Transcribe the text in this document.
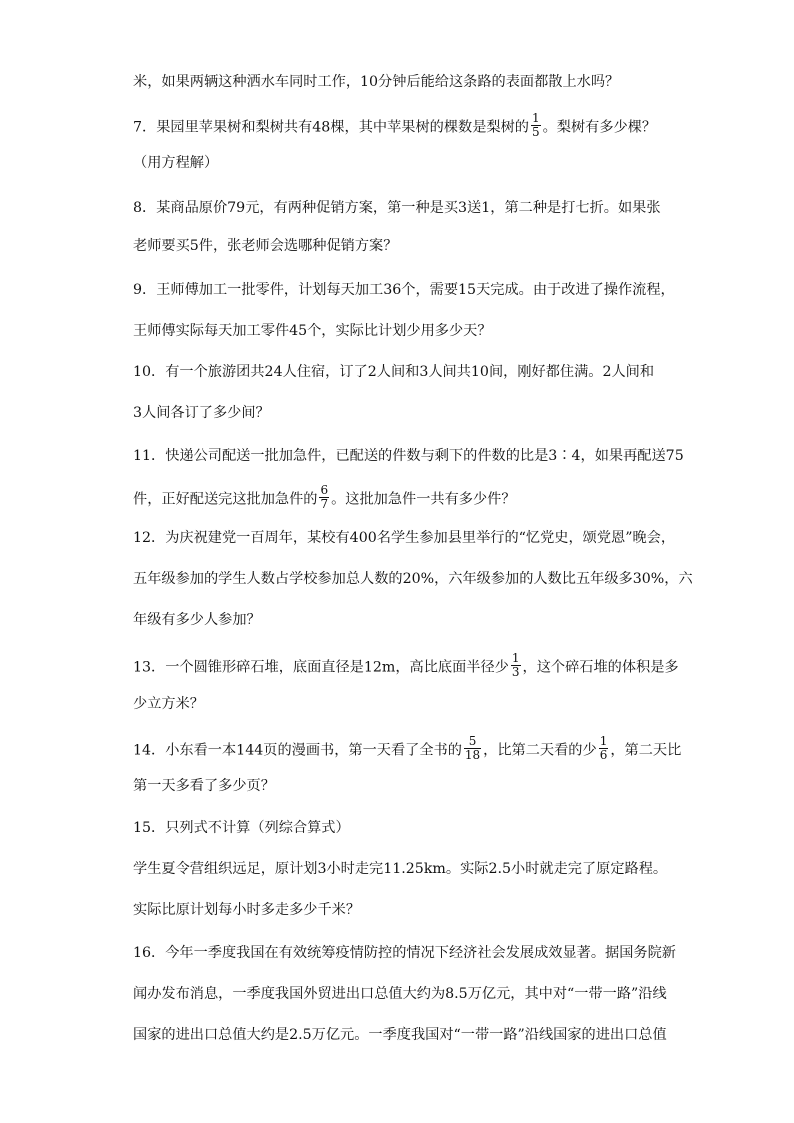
米，如果两辆这种洒水车同时工作，10分钟后能给这条路的表面都散上水吗？
7．果园里苹果树和梨树共有48棵，其中苹果树的棵数是梨树的 $\frac{1}{5}$ 。梨树有多少棵？
（用方程解）
8．某商品原价79元，有两种促销方案，第一种是买3送1，第二种是打七折。如果张
老师要买5件，张老师会选哪种促销方案？
9．王师傅加工一批零件，计划每天加工36个，需要15天完成。由于改进了操作流程，
王师傅实际每天加工零件45个，实际比计划少用多少天？
10．有一个旅游团共24人住宿，订了2人间和3人间共10间，刚好都住满。2人间和
3人间各订了多少间？
11．快递公司配送一批加急件，已配送的件数与剩下的件数的比是3∶4，如果再配送75
件，正好配送完这批加急件的 $\frac{6}{7}$ 。这批加急件一共有多少件？
12．为庆祝建党一百周年，某校有400名学生参加县里举行的“忆党史，颂党恩”晚会，
五年级参加的学生人数占学校参加总人数的20%，六年级参加的人数比五年级多30%，六
年级有多少人参加？
13．一个圆锥形碎石堆，底面直径是12m，高比底面半径少 $\frac{1}{3}$ ，这个碎石堆的体积是多
少立方米？
14．小东看一本144页的漫画书，第一天看了全书的 $\frac{5}{18}$ ，比第二天看的少 $\frac{1}{6}$ ，第二天比
第一天多看了多少页？
15．只列式不计算（列综合算式）
学生夏令营组织远足，原计划3小时走完11.25km。实际2.5小时就走完了原定路程。
实际比原计划每小时多走多少千米？
16．今年一季度我国在有效统筹疫情防控的情况下经济社会发展成效显著。据国务院新
闻办发布消息，一季度我国外贸进出口总值大约为8.5万亿元，其中对“一带一路”沿线
国家的进出口总值大约是2.5万亿元。一季度我国对“一带一路”沿线国家的进出口总值
